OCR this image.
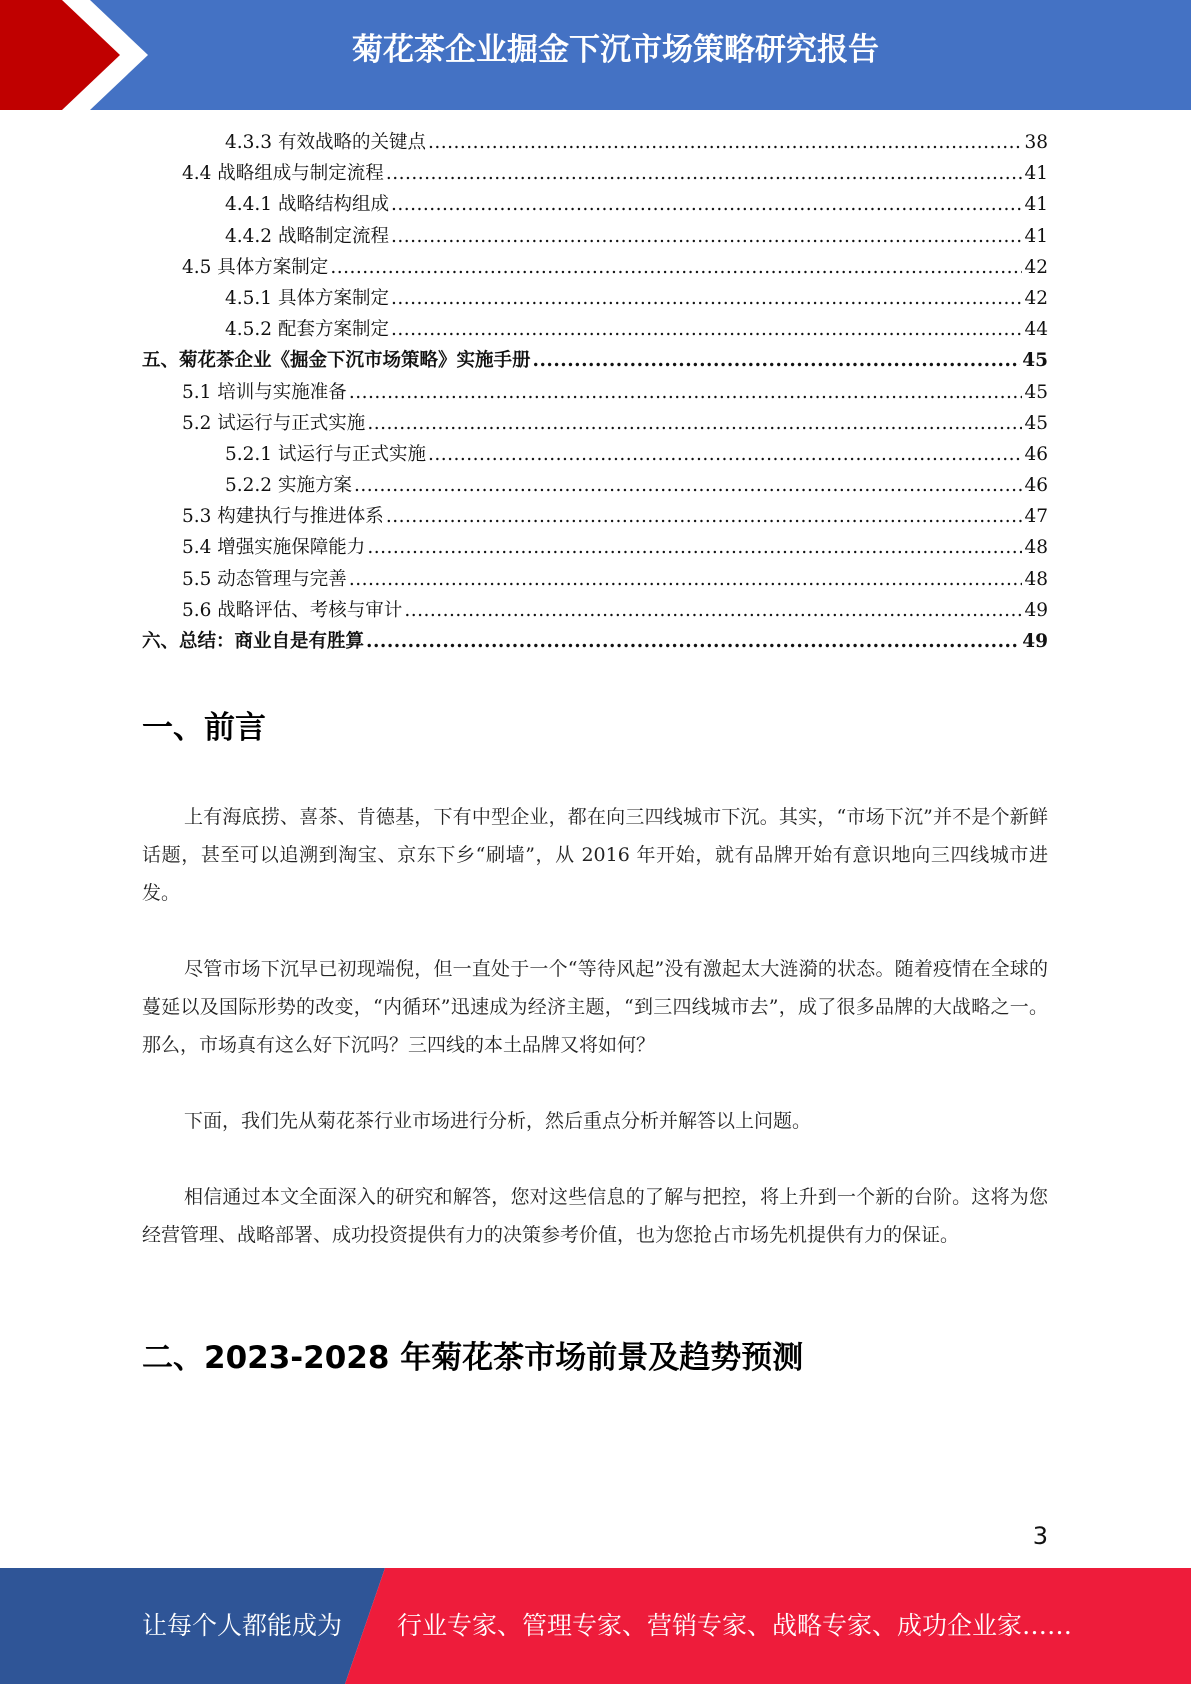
菊花茶企业掘金下沉市场策略研究报告
4.3.3 有效战略的关键点 .....	38
4.4 战略组成与制定流程 .....	41
4.4.1 战略结构组成 .....	41
4.4.2 战略制定流程 .....	41
4.5 具体方案制定 .....	42
4.5.1 具体方案制定 .....	42
4.5.2 配套方案制定 .....	44
五、菊花茶企业《掘金下沉市场策略》实施手册 .....	45
5.1 培训与实施准备 .....	45
5.2 试运行与正式实施 .....	45
5.2.1 试运行与正式实施 .....	46
5.2.2 实施方案 .....	46
5.3 构建执行与推进体系 .....	47
5.4 增强实施保障能力 .....	48
5.5 动态管理与完善 .....	48
5.6 战略评估、考核与审计 .....	49
六、总结：商业自是有胜算 .....	49
一、前言

上有海底捞、喜茶、肯德基，下有中型企业，都在向三四线城市下沉。其实，“市场下沉”并不是个新鲜话题，甚至可以追溯到淘宝、京东下乡“刷墙”，从 2016 年开始，就有品牌开始有意识地向三四线城市进发。

尽管市场下沉早已初现端倪，但一直处于一个“等待风起”没有激起太大涟漪的状态。随着疫情在全球的蔓延以及国际形势的改变，“内循环”迅速成为经济主题，“到三四线城市去”，成了很多品牌的大战略之一。那么，市场真有这么好下沉吗？三四线的本土品牌又将如何？

下面，我们先从菊花茶行业市场进行分析，然后重点分析并解答以上问题。

相信通过本文全面深入的研究和解答，您对这些信息的了解与把控，将上升到一个新的台阶。这将为您经营管理、战略部署、成功投资提供有力的决策参考价值，也为您抢占市场先机提供有力的保证。

二、2023-2028 年菊花茶市场前景及趋势预测
3
让每个人都能成为 行业专家、管理专家、营销专家、战略专家、成功企业家……
